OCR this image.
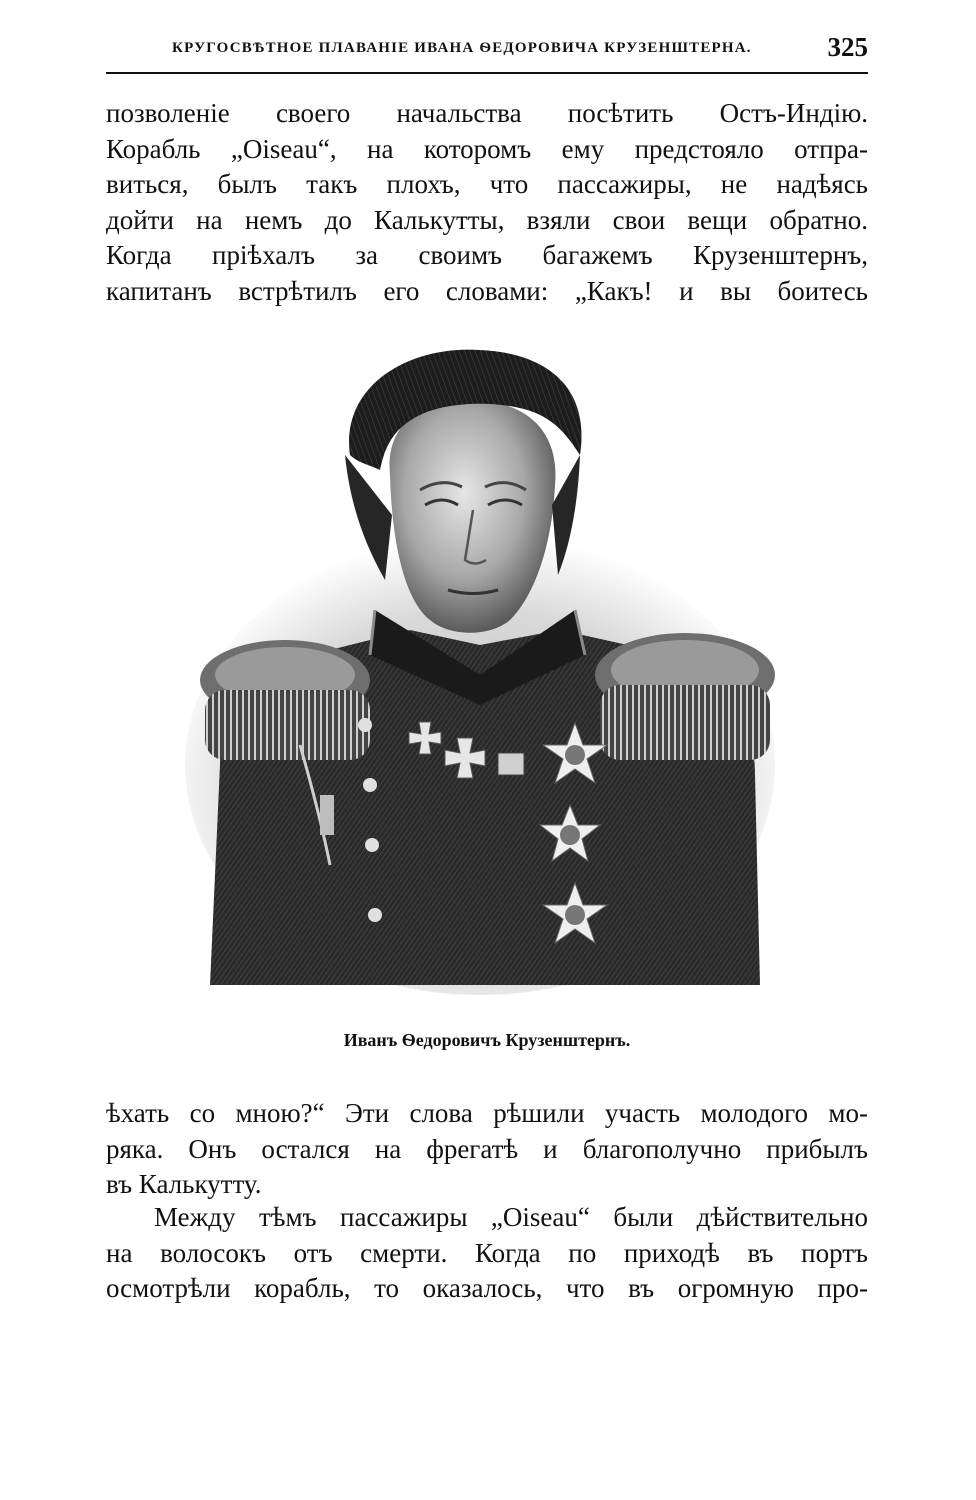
КРУГОСВѢТНОЕ ПЛАВАНІЕ ИВАНА ѲЕДОРОВИЧА КРУЗЕНШТЕРНА.	325
позволеніе своего начальства посѣтить Остъ-Индію.
Корабль „Oiseau“, на которомъ ему предстояло отпра-
виться, былъ такъ плохъ, что пассажиры, не надѣясь
дойти на немъ до Калькутты, взяли свои вещи обратно.
Когда пріѣхалъ за своимъ багажемъ Крузенштернъ,
капитанъ встрѣтилъ его словами: „Какъ! и вы боитесь
Иванъ Ѳедоровичъ Крузенштернъ.
ѣхать со мною?“ Эти слова рѣшили участь молодого мо-
ряка. Онъ остался на фрегатѣ и благополучно прибылъ
въ Калькутту.
Между тѣмъ пассажиры „Oiseau“ были дѣйствительно
на волосокъ отъ смерти. Когда по приходѣ въ портъ
осмотрѣли корабль, то оказалось, что въ огромную про-
